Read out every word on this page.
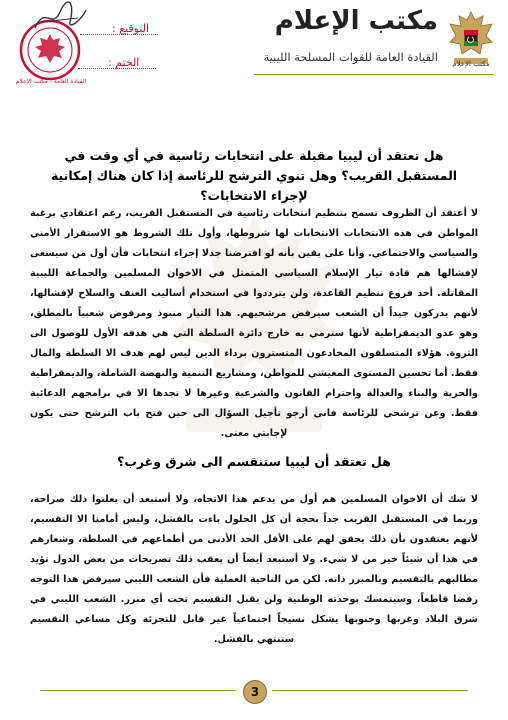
مكتب الإعلام
مكتب الإعلام
القيادة العامة للقوات المسلحة الليبية
التوقيع :
الختم :
القيادة العامة - مكتب الإعلام
هل تعتقد أن ليبيا مقبلة على انتخابات رئاسية في أي وقت في المستقبل القريب؟ وهل تنوي الترشح للرئاسة إذا كان هناك إمكانية لإجراء الانتخابات؟
لا أعتقد أن الظروف تسمح بتنظيم انتخابات رئاسية في المستقبل القريب، رغم اعتقادي برغبة المواطن في هذه الانتخابات الانتخابات لها شروطها، وأول تلك الشروط هو الاستقرار الأمني والسياسي والاجتماعي. وأنا على يقين بأنه لو افترضنا جدلا إجراء انتخابات فأن أول من سيسعى لإفشالها هم قادة تيار الإسلام السياسي المتمثل في الاخوان المسلمين والجماعة الليبية المقاتلة. أحد فروع تنظيم القاعدة، ولن يترددوا في استخدام أساليب العنف والسلاح لإفشالها، لأنهم يدركون جيداً أن الشعب سيرفض مرشحيهم. هذا التيار منبوذ ومرفوض شعبياً بالمطلق، وهو عدو الديمقراطية لأنها سترمي به خارج دائرة السلطة التي هي هدفه الأول للوصول الى الثروة. هؤلاء المتسلقون المخادعون المتسترون برداء الدين ليس لهم هدف الا السلطة والمال فقط. أما تحسين المستوى المعيشي للمواطن، ومشاريع التنمية والنهضة الشاملة، والديمقراطية والحرية والبناء والعدالة واحترام القانون والشرعية وغيرها لا تجدها الا في برامجهم الدعائية فقط. وعن ترشحي للرئاسة فاني أرجو تأجيل السؤال الى حين فتح باب الترشح حتى يكون لإجابتي معنى.
هل تعتقد أن ليبيا ستنقسم الى شرق وغرب؟
لا شك أن الاخوان المسلمين هم أول من يدعم هذا الاتجاه، ولا أستبعد أن يعلنوا ذلك صراحة، وربما في المستقبل القريب جداً بحجة أن كل الحلول باءت بالفشل، وليس أمامنا الا التقسيم، لأنهم يعتقدون بأن ذلك يحقق لهم على الأقل الحد الأدنى من أطماعهم في السلطة، وشعارهم في هذا أن شيئاً خير من لا شيء. ولا أستبعد أيضاً أن يعقب ذلك تصريحات من بعض الدول تؤيد مطالبهم بالتقسيم وبالمبرر ذاته. لكن من الناحية العملية فأن الشعب الليبي سيرفض هذا التوجه رفضا قاطعاً، وسيتمسك بوحدته الوطنية ولن يقبل التقسيم تحت أي مبرر. الشعب الليبي في شرق البلاد وغربها وجنوبها يشكل نسيجاً اجتماعياً غير قابل للتجزئة وكل مساعي التقسيم ستنتهي بالفشل.
3
